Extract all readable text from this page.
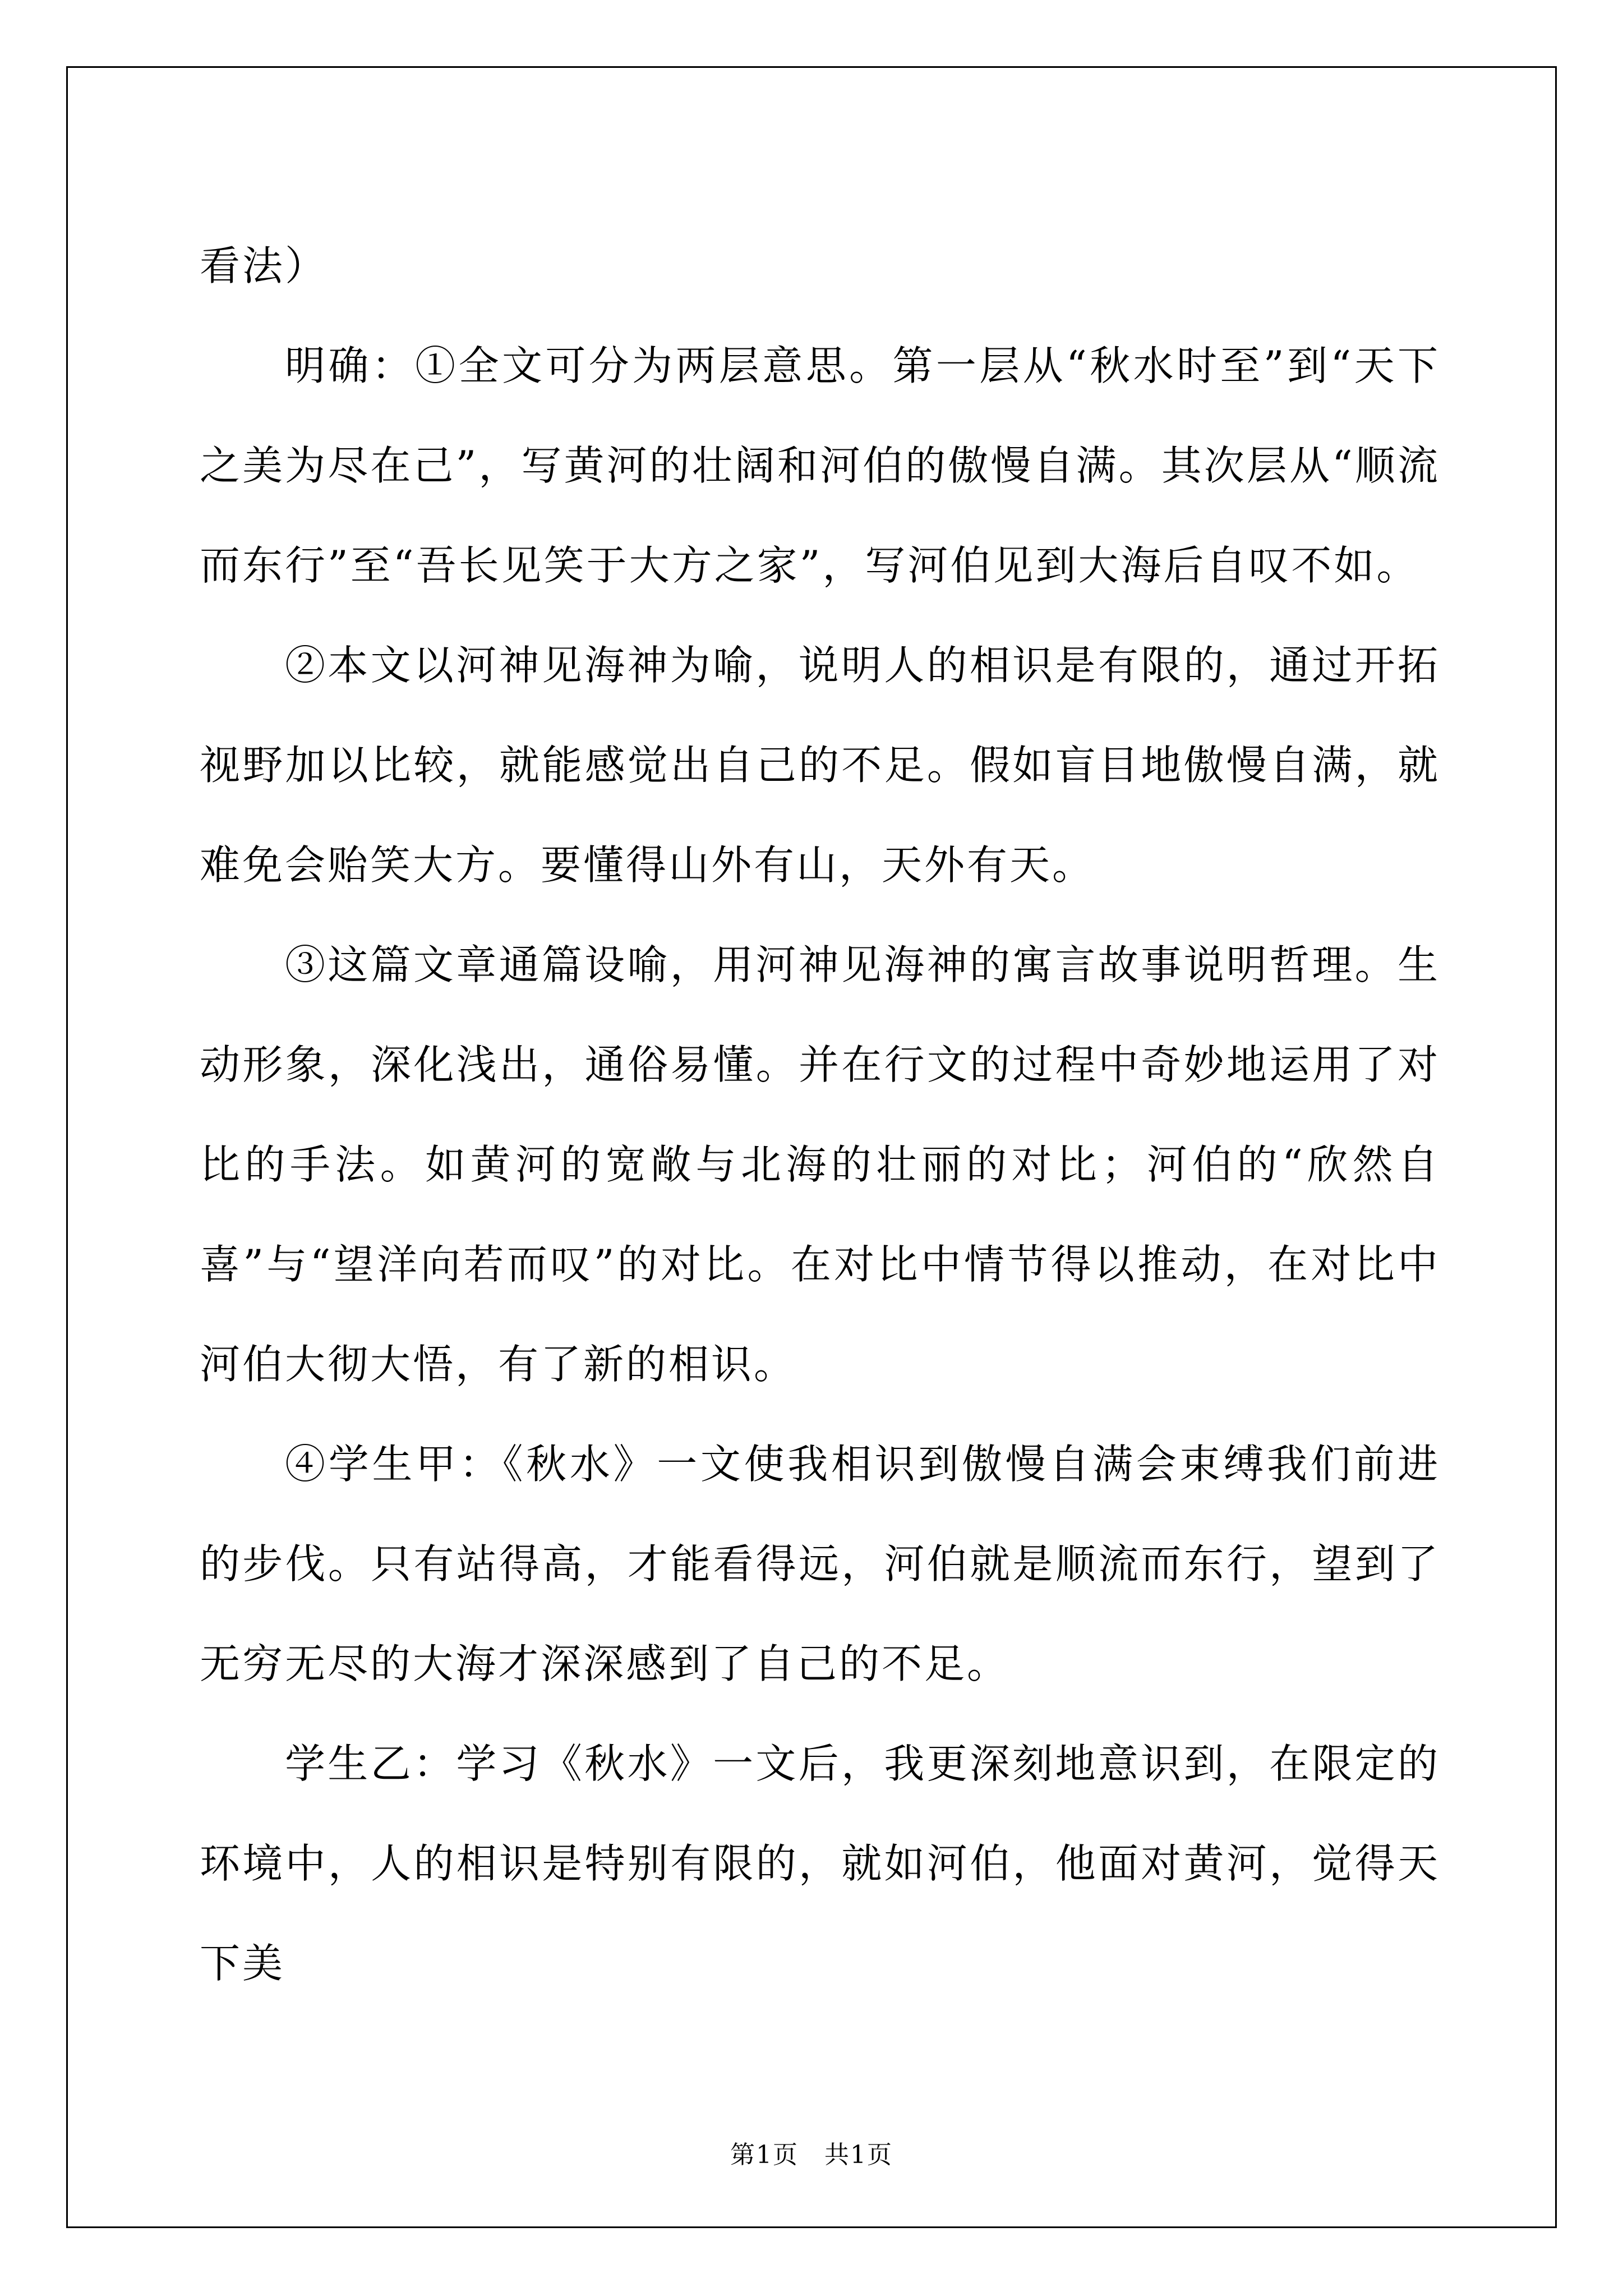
看法）

明确：①全文可分为两层意思。第一层从“秋水时至”到“天下之美为尽在己”，写黄河的壮阔和河伯的傲慢自满。其次层从“顺流而东行”至“吾长见笑于大方之家”，写河伯见到大海后自叹不如。

②本文以河神见海神为喻，说明人的相识是有限的，通过开拓视野加以比较，就能感觉出自己的不足。假如盲目地傲慢自满，就难免会贻笑大方。要懂得山外有山，天外有天。

③这篇文章通篇设喻，用河神见海神的寓言故事说明哲理。生动形象，深化浅出，通俗易懂。并在行文的过程中奇妙地运用了对比的手法。如黄河的宽敞与北海的壮丽的对比；河伯的“欣然自喜”与“望洋向若而叹”的对比。在对比中情节得以推动，在对比中河伯大彻大悟，有了新的相识。

④学生甲：《秋水》一文使我相识到傲慢自满会束缚我们前进的步伐。只有站得高，才能看得远，河伯就是顺流而东行，望到了无穷无尽的大海才深深感到了自己的不足。

学生乙：学习《秋水》一文后，我更深刻地意识到，在限定的环境中，人的相识是特别有限的，就如河伯，他面对黄河，觉得天下美

第1页 共1页
